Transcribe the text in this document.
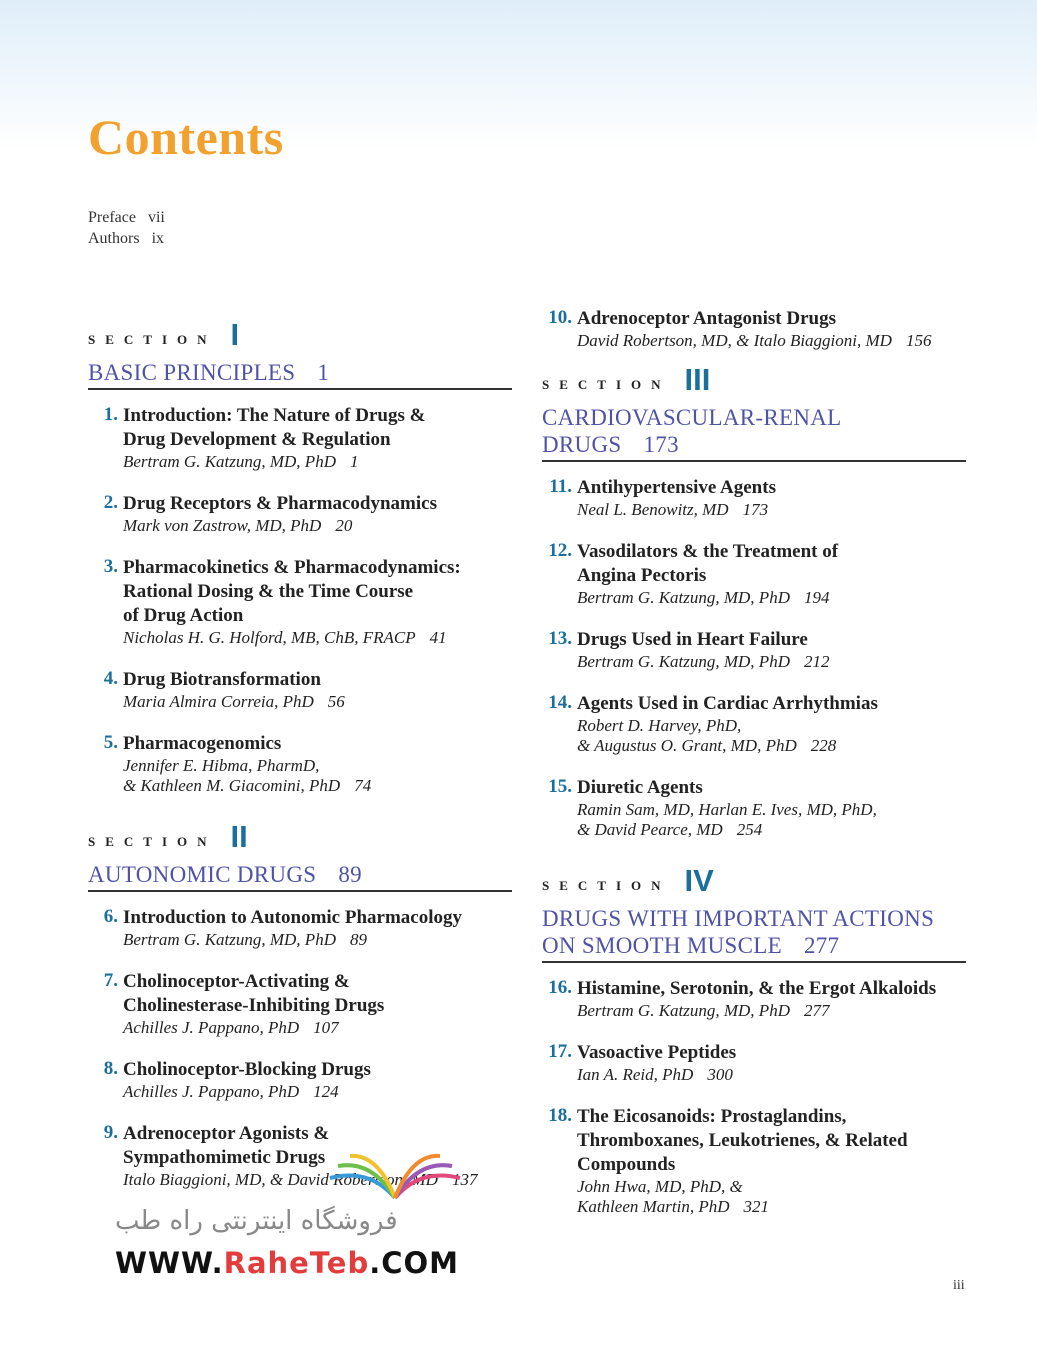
Contents
Preface vii
Authors ix
SECTION I
BASIC PRINCIPLES 1
1. Introduction: The Nature of Drugs &
Drug Development & Regulation
Bertram G. Katzung, MD, PhD 1
2. Drug Receptors & Pharmacodynamics
Mark von Zastrow, MD, PhD 20
3. Pharmacokinetics & Pharmacodynamics:
Rational Dosing & the Time Course
of Drug Action
Nicholas H. G. Holford, MB, ChB, FRACP 41
4. Drug Biotransformation
Maria Almira Correia, PhD 56
5. Pharmacogenomics
Jennifer E. Hibma, PharmD,
& Kathleen M. Giacomini, PhD 74
SECTION II
AUTONOMIC DRUGS 89
6. Introduction to Autonomic Pharmacology
Bertram G. Katzung, MD, PhD 89
7. Cholinoceptor-Activating &
Cholinesterase-Inhibiting Drugs
Achilles J. Pappano, PhD 107
8. Cholinoceptor-Blocking Drugs
Achilles J. Pappano, PhD 124
9. Adrenoceptor Agonists &
Sympathomimetic Drugs
Italo Biaggioni, MD, & David Robertson, MD 137
10. Adrenoceptor Antagonist Drugs
David Robertson, MD, & Italo Biaggioni, MD 156
SECTION III
CARDIOVASCULAR-RENAL
DRUGS 173
11. Antihypertensive Agents
Neal L. Benowitz, MD 173
12. Vasodilators & the Treatment of
Angina Pectoris
Bertram G. Katzung, MD, PhD 194
13. Drugs Used in Heart Failure
Bertram G. Katzung, MD, PhD 212
14. Agents Used in Cardiac Arrhythmias
Robert D. Harvey, PhD,
& Augustus O. Grant, MD, PhD 228
15. Diuretic Agents
Ramin Sam, MD, Harlan E. Ives, MD, PhD,
& David Pearce, MD 254
SECTION IV
DRUGS WITH IMPORTANT ACTIONS
ON SMOOTH MUSCLE 277
16. Histamine, Serotonin, & the Ergot Alkaloids
Bertram G. Katzung, MD, PhD 277
17. Vasoactive Peptides
Ian A. Reid, PhD 300
18. The Eicosanoids: Prostaglandins,
Thromboxanes, Leukotrienes, & Related
Compounds
John Hwa, MD, PhD, &
Kathleen Martin, PhD 321
فروشگاه اینترنتی راه طب
WWW.RaheTeb.COM
iii
